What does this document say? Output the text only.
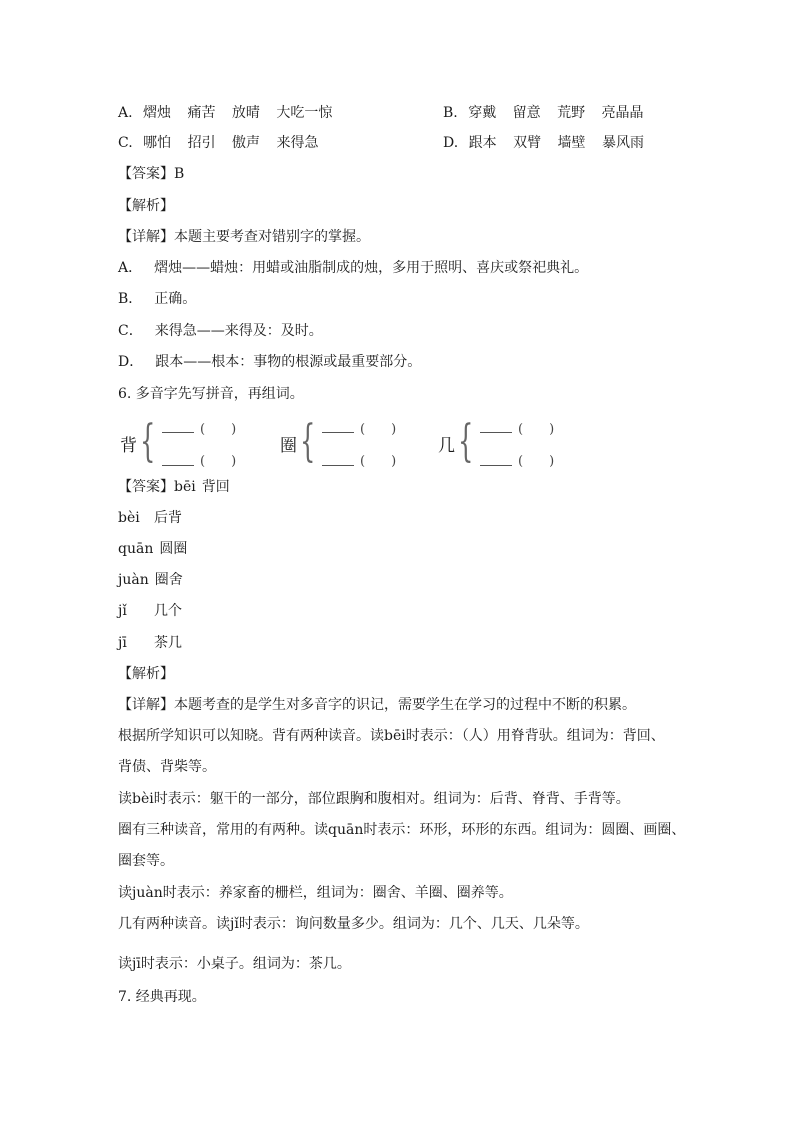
A. 熠烛 痛苦 放晴 大吃一惊	B. 穿戴 留意 荒野 亮晶晶
C. 哪怕 招引 傲声 来得急	D. 跟本 双臂 墙壁 暴风雨
【答案】B
【解析】
【详解】本题主要考查对错别字的掌握。
A． 熠烛——蜡烛：用蜡或油脂制成的烛，多用于照明、喜庆或祭祀典礼。
B． 正确。
C． 来得急——来得及：及时。
D． 跟本——根本：事物的根源或最重要部分。
6. 多音字先写拼音，再组词。
背 {	(　　)
(　　)
圈 {	(　　)
(　　)
几 {	(　　)
(　　)
【答案】bēi 背回
bèi 后背
quān 圆圈
juàn 圈舍
jǐ 几个
jī 茶几
【解析】
【详解】本题考查的是学生对多音字的识记，需要学生在学习的过程中不断的积累。
根据所学知识可以知晓。背有两种读音。读bēi时表示：（人）用脊背驮。组词为：背回、
背债、背柴等。
读bèi时表示：躯干的一部分，部位跟胸和腹相对。组词为：后背、脊背、手背等。
圈有三种读音，常用的有两种。读quān时表示：环形，环形的东西。组词为：圆圈、画圈、
圈套等。
读juàn时表示：养家畜的栅栏，组词为：圈舍、羊圈、圈养等。
几有两种读音。读jǐ时表示：询问数量多少。组词为：几个、几天、几朵等。
读jī时表示：小桌子。组词为：茶几。
7. 经典再现。
